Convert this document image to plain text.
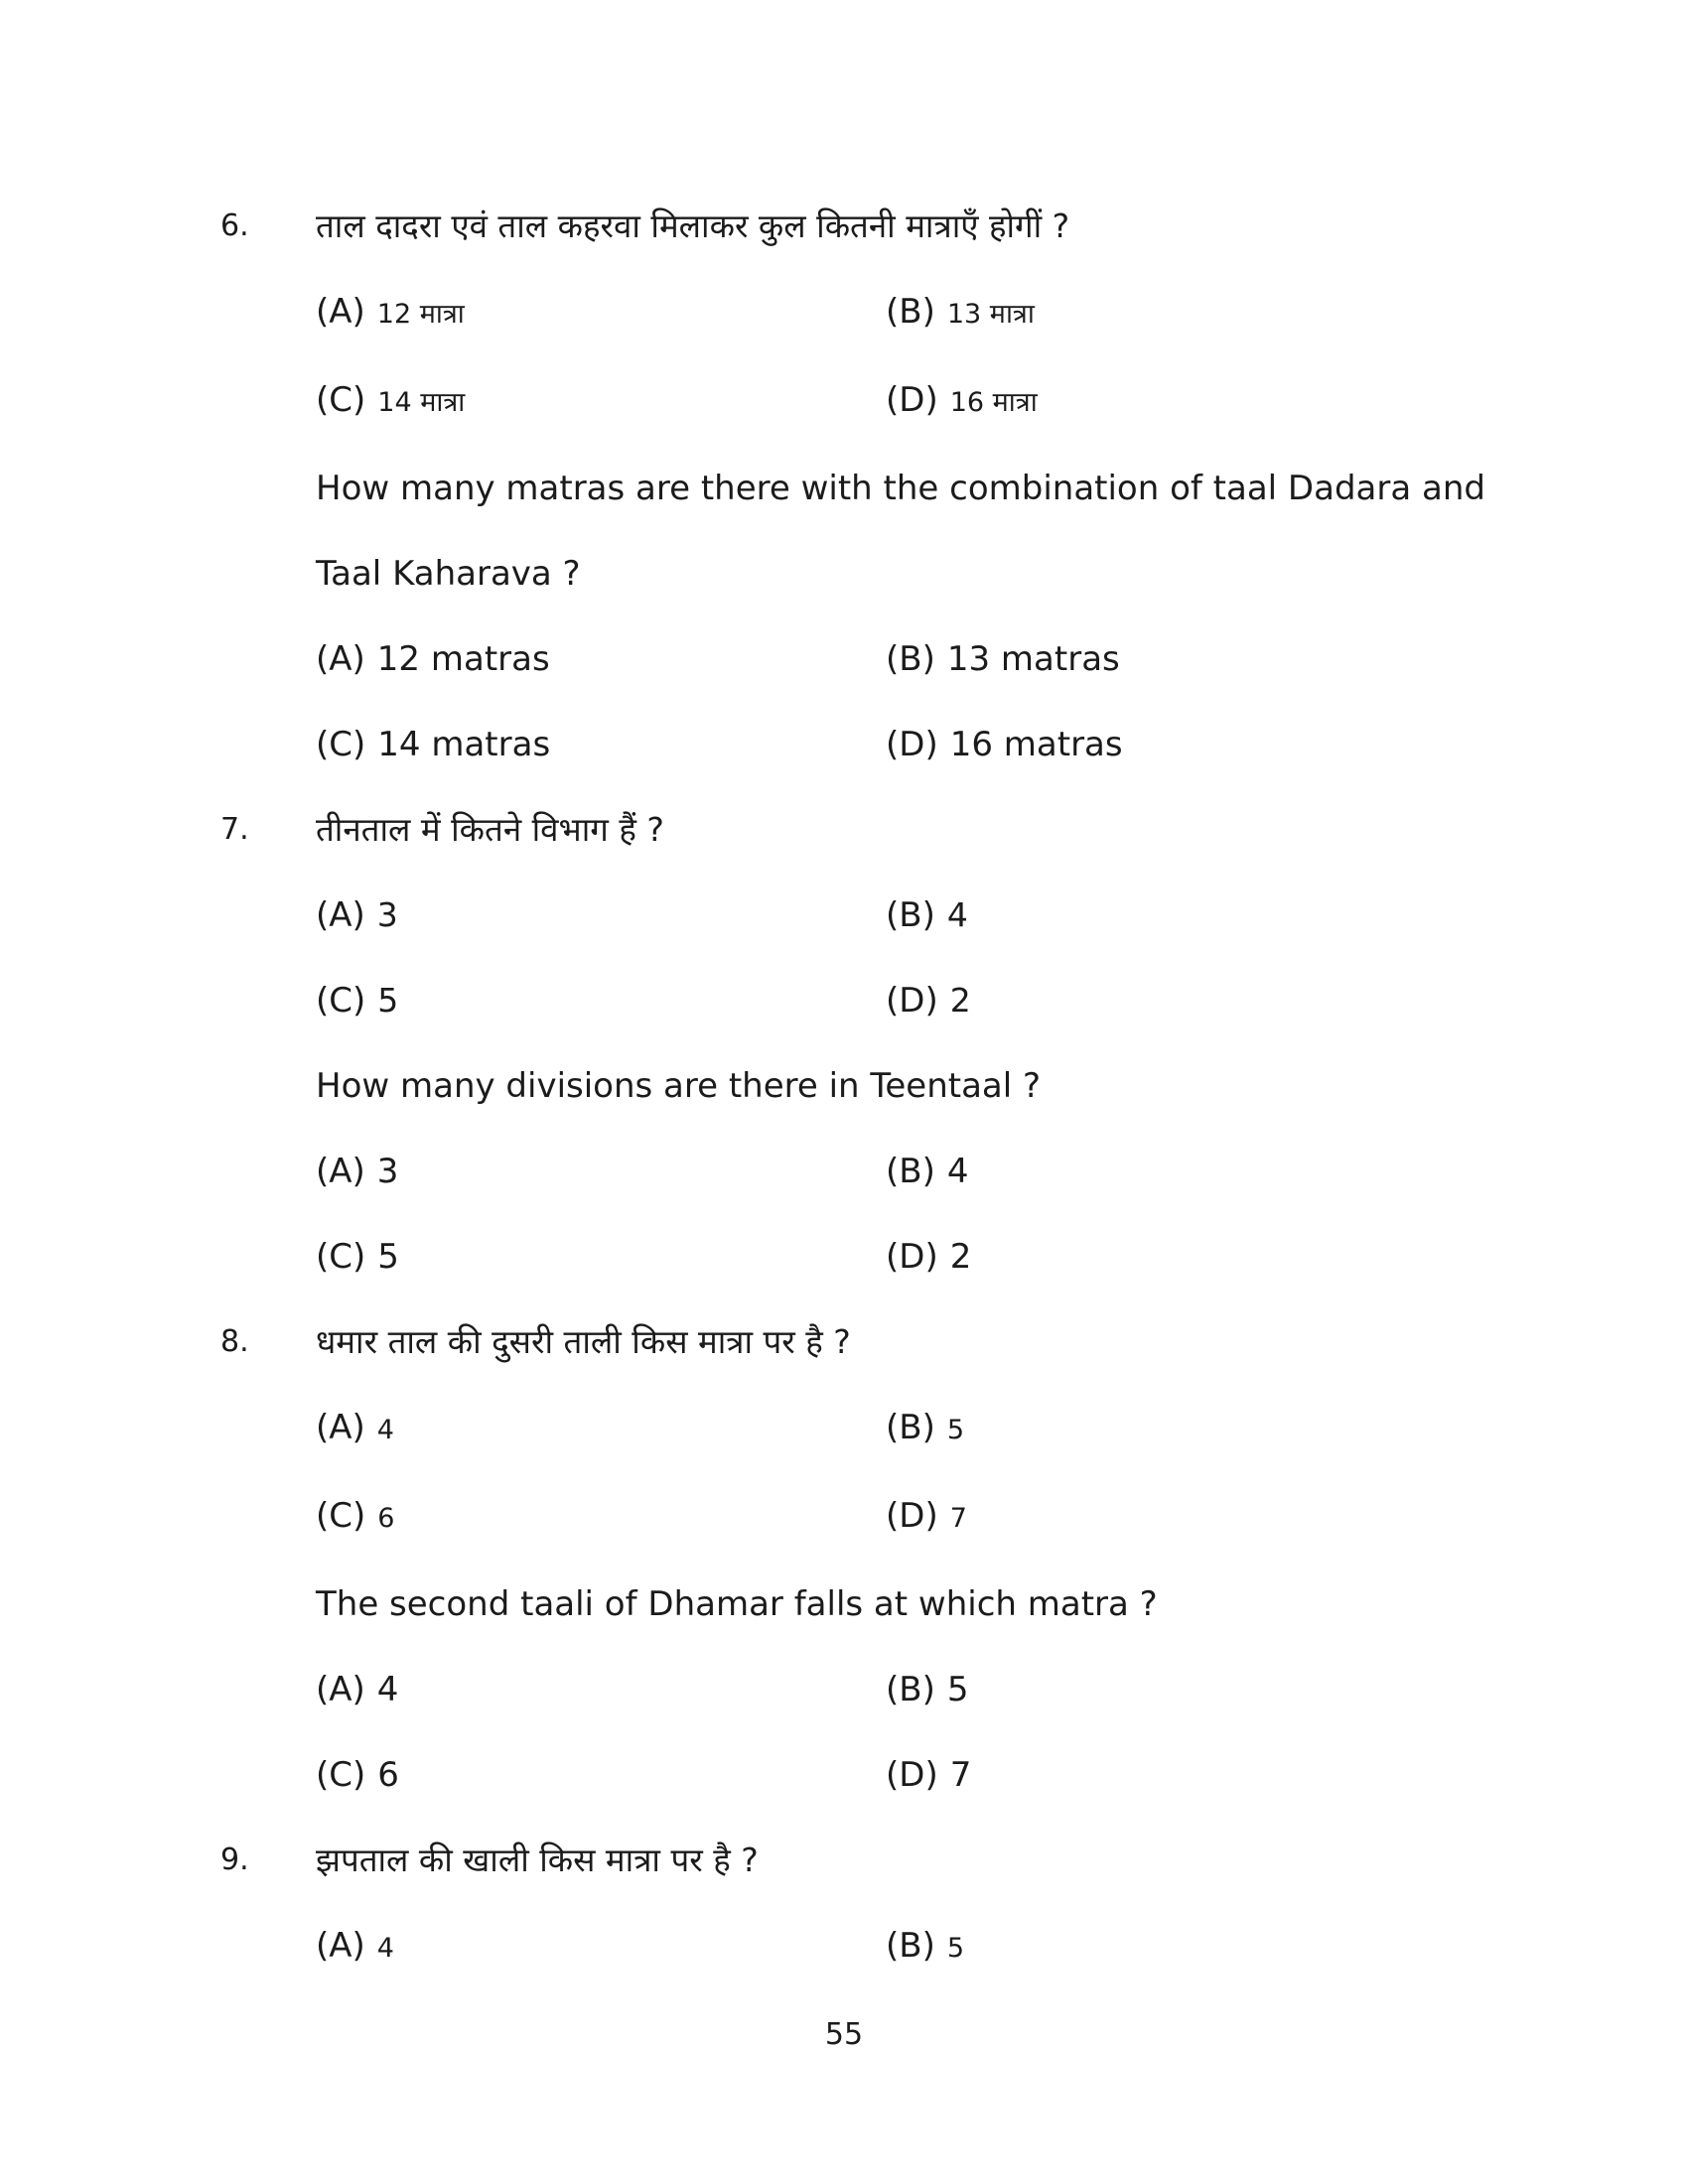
6.	ताल दादरा एवं ताल कहरवा मिलाकर कुल कितनी मात्राएँ होगीं ?
(A) 12 मात्रा	(B) 13 मात्रा
(C) 14 मात्रा	(D) 16 मात्रा
How many matras are there with the combination of taal Dadara and Taal Kaharava ?
(A) 12 matras	(B) 13 matras
(C) 14 matras	(D) 16 matras
7.	तीनताल में कितने विभाग हैं ?
(A) 3	(B) 4
(C) 5	(D) 2
How many divisions are there in Teentaal ?
(A) 3	(B) 4
(C) 5	(D) 2
8.	धमार ताल की दुसरी ताली किस मात्रा पर है ?
(A) 4	(B) 5
(C) 6	(D) 7
The second taali of Dhamar falls at which matra ?
(A) 4	(B) 5
(C) 6	(D) 7
9.	झपताल की खाली किस मात्रा पर है ?
(A) 4	(B) 5
55
